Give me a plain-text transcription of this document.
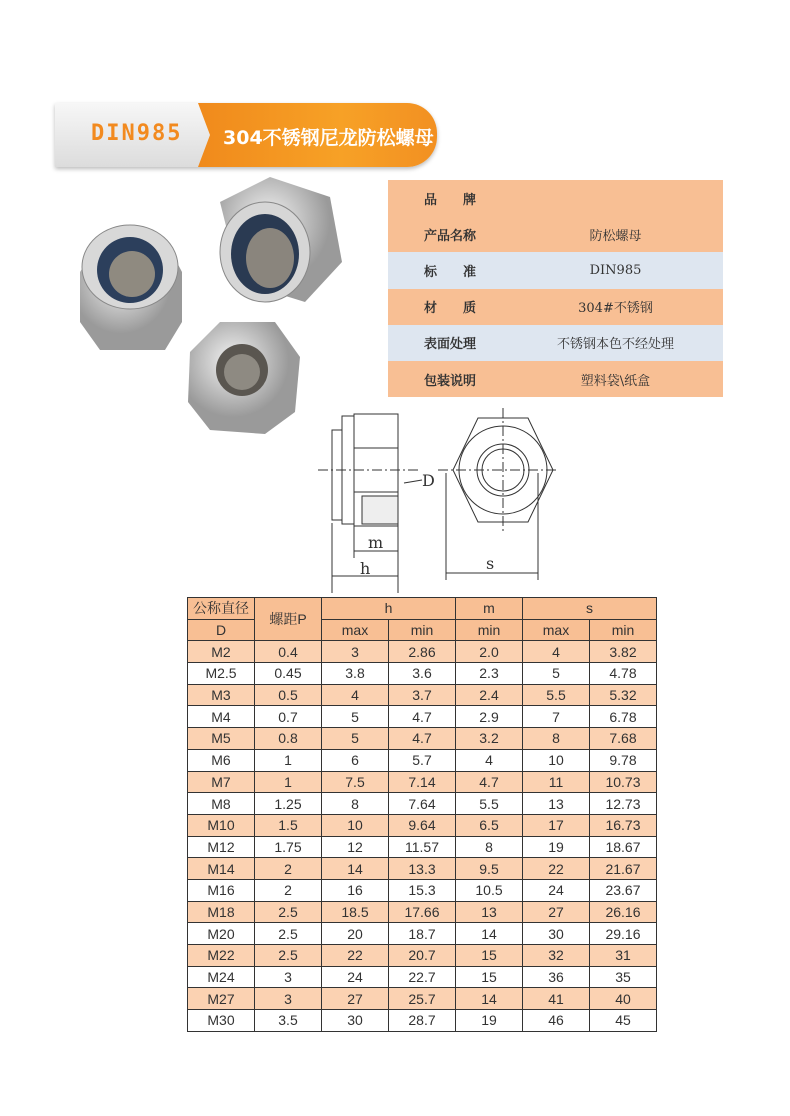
DIN985 304不锈钢尼龙防松螺母
品　　牌
产品名称	防松螺母
标　　准	DIN985
材　　质	304#不锈钢
表面处理	不锈钢本色不经处理
包装说明	塑料袋\纸盒
D
m
h	s
公称直径	螺距P	h		m	s	
D		max	min	min	max	min
M2	0.4	3	2.86	2.0	4	3.82
M2.5	0.45	3.8	3.6	2.3	5	4.78
M3	0.5	4	3.7	2.4	5.5	5.32
M4	0.7	5	4.7	2.9	7	6.78
M5	0.8	5	4.7	3.2	8	7.68
M6	1	6	5.7	4	10	9.78
M7	1	7.5	7.14	4.7	11	10.73
M8	1.25	8	7.64	5.5	13	12.73
M10	1.5	10	9.64	6.5	17	16.73
M12	1.75	12	11.57	8	19	18.67
M14	2	14	13.3	9.5	22	21.67
M16	2	16	15.3	10.5	24	23.67
M18	2.5	18.5	17.66	13	27	26.16
M20	2.5	20	18.7	14	30	29.16
M22	2.5	22	20.7	15	32	31
M24	3	24	22.7	15	36	35
M27	3	27	25.7	14	41	40
M30	3.5	30	28.7	19	46	45
